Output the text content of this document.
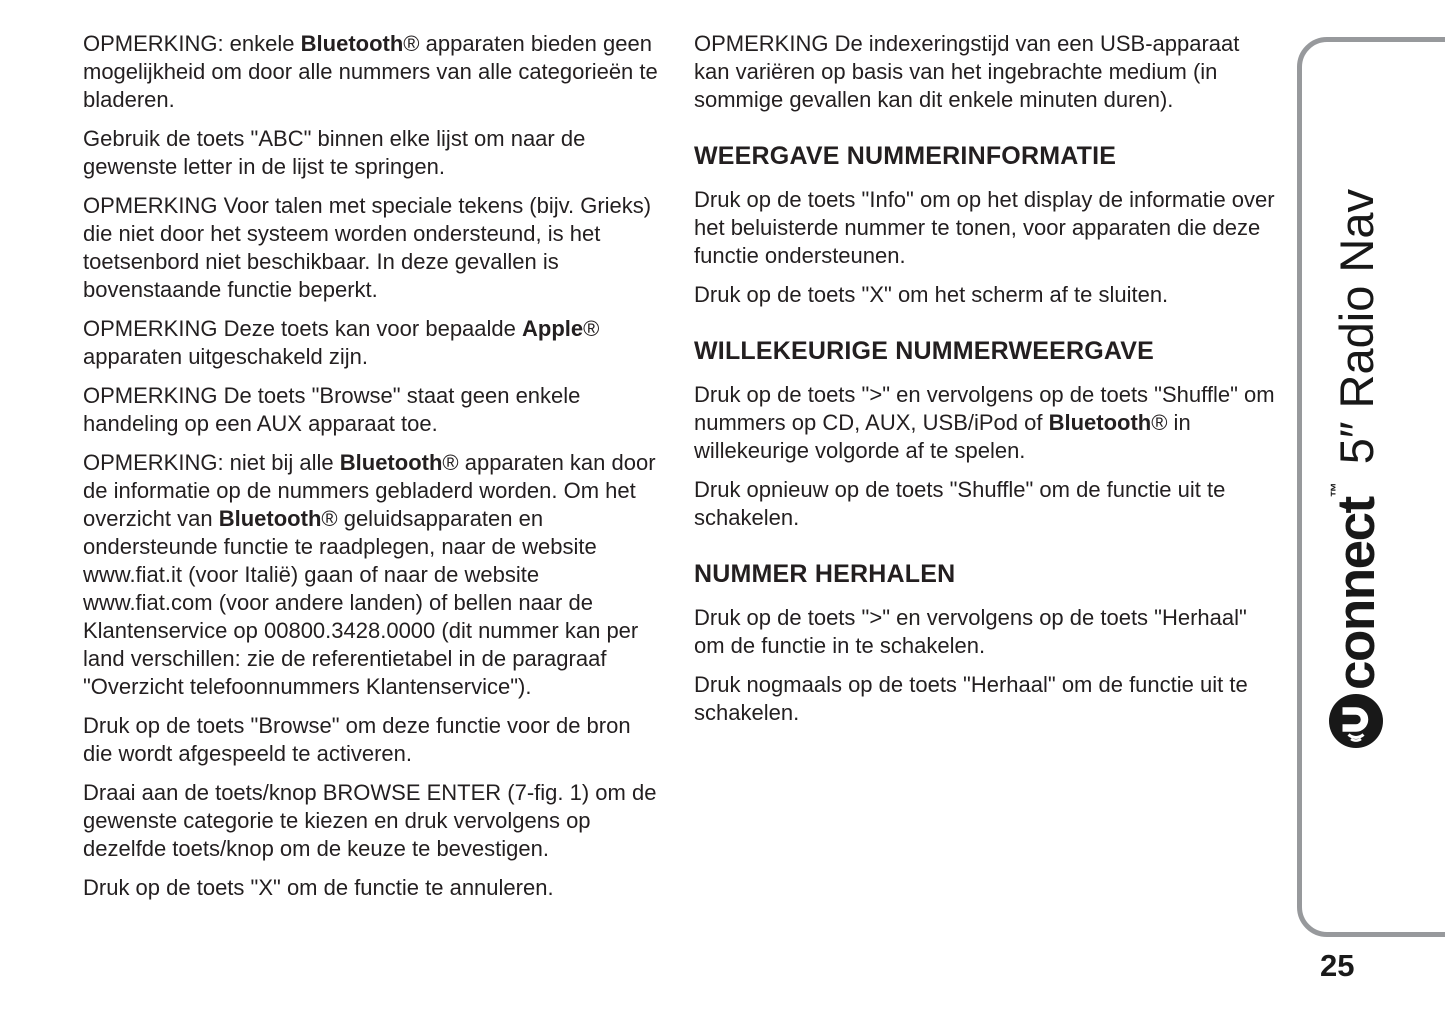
OPMERKING: enkele Bluetooth® apparaten bieden geen mogelijkheid om door alle nummers van alle categorieën te bladeren.

Gebruik de toets "ABC" binnen elke lijst om naar de gewenste letter in de lijst te springen.

OPMERKING Voor talen met speciale tekens (bijv. Grieks) die niet door het systeem worden ondersteund, is het toetsenbord niet beschikbaar. In deze gevallen is bovenstaande functie beperkt.

OPMERKING Deze toets kan voor bepaalde Apple® apparaten uitgeschakeld zijn.

OPMERKING De toets "Browse" staat geen enkele handeling op een AUX apparaat toe.

OPMERKING: niet bij alle Bluetooth® apparaten kan door de informatie op de nummers gebladerd worden. Om het overzicht van Bluetooth® geluidsapparaten en ondersteunde functie te raadplegen, naar de website www.fiat.it (voor Italië) gaan of naar de website www.fiat.com (voor andere landen) of bellen naar de Klantenservice op 00800.3428.0000 (dit nummer kan per land verschillen: zie de referentietabel in de paragraaf "Overzicht telefoonnummers Klantenservice").

Druk op de toets "Browse" om deze functie voor de bron die wordt afgespeeld te activeren.

Draai aan de toets/knop BROWSE ENTER (7-fig. 1) om de gewenste categorie te kiezen en druk vervolgens op dezelfde toets/knop om de keuze te bevestigen.

Druk op de toets "X" om de functie te annuleren.

OPMERKING De indexeringstijd van een USB-apparaat kan variëren op basis van het ingebrachte medium (in sommige gevallen kan dit enkele minuten duren).

WEERGAVE NUMMERINFORMATIE

Druk op de toets "Info" om op het display de informatie over het beluisterde nummer te tonen, voor apparaten die deze functie ondersteunen.

Druk op de toets "X" om het scherm af te sluiten.

WILLEKEURIGE NUMMERWEERGAVE

Druk op de toets ">" en vervolgens op de toets "Shuffle" om nummers op CD, AUX, USB/iPod of Bluetooth® in willekeurige volgorde af te spelen.

Druk opnieuw op de toets "Shuffle" om de functie uit te schakelen.

NUMMER HERHALEN

Druk op de toets ">" en vervolgens op de toets "Herhaal" om de functie in te schakelen.

Druk nogmaals op de toets "Herhaal" om de functie uit te schakelen.

connect
™
5″ Radio Nav
25
